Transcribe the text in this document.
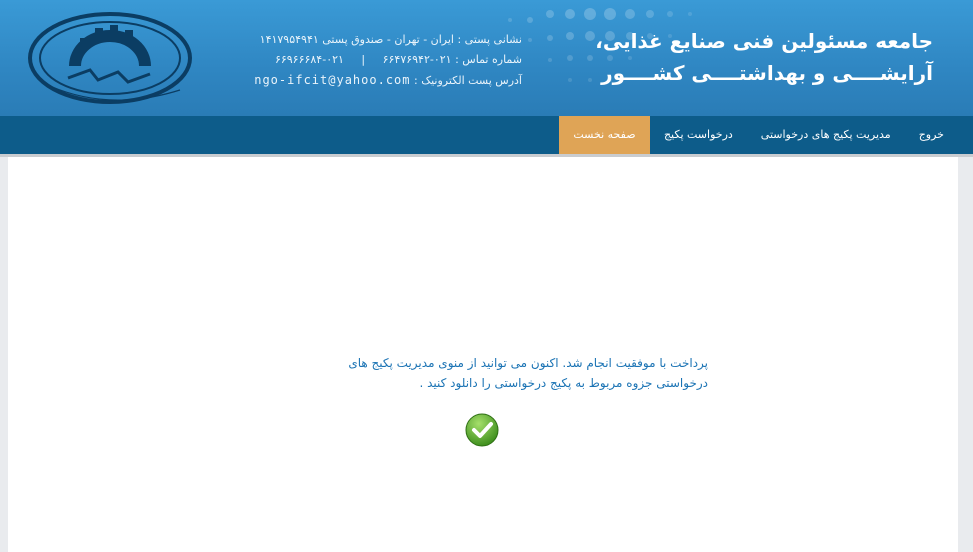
جامعه مسئولین فنی صنایع غذایی،
آرایشــــی و بهداشتــــی کشــــور
نشانی پستی : ایران - تهران - صندوق پستی ۱۴۱۷۹۵۴۹۴۱
شماره تماس : ۰۲۱-۶۶۴۷۶۹۴۲     |     ۰۲۱-۶۶۹۶۶۶۸۴
آدرس پست الکترونیک : ngo-ifcit@yahoo.com
صفحه نخست	درخواست پکیج	مدیریت پکیج های درخواستی	خروج
پرداخت با موفقیت انجام شد. اکنون می توانید از منوی مدیریت پکیج های
درخواستی جزوه مربوط به پکیج درخواستی را دانلود کنید .
